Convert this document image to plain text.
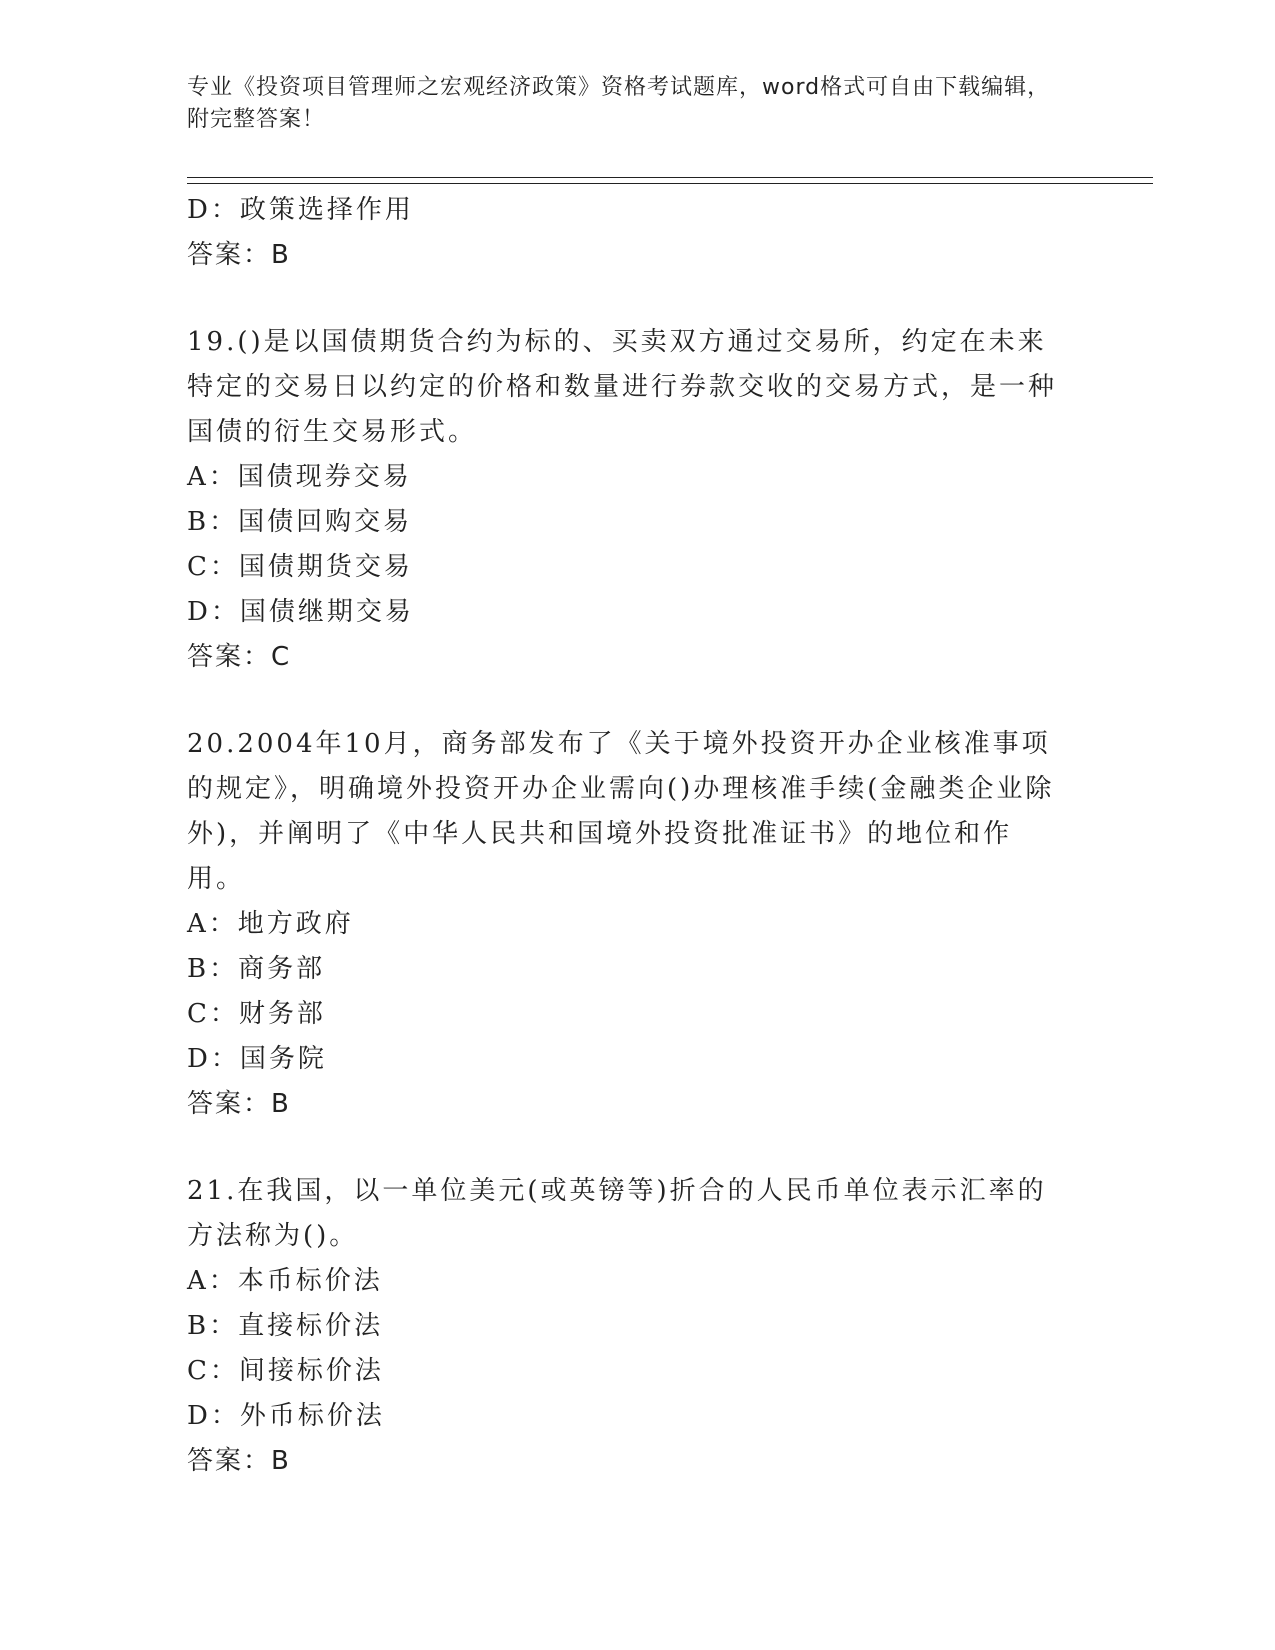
专业《投资项目管理师之宏观经济政策》资格考试题库，word格式可自由下载编辑，附完整答案！

D：政策选择作用

答案：B

19.()是以国债期货合约为标的、买卖双方通过交易所，约定在未来特定的交易日以约定的价格和数量进行券款交收的交易方式，是一种国债的衍生交易形式。

A：国债现券交易

B：国债回购交易

C：国债期货交易

D：国债继期交易

答案：C

20.2004年10月，商务部发布了《关于境外投资开办企业核准事项的规定》，明确境外投资开办企业需向()办理核准手续(金融类企业除外)，并阐明了《中华人民共和国境外投资批准证书》的地位和作用。

A：地方政府

B：商务部

C：财务部

D：国务院

答案：B

21.在我国，以一单位美元(或英镑等)折合的人民币单位表示汇率的方法称为()。

A：本币标价法

B：直接标价法

C：间接标价法

D：外币标价法

答案：B
